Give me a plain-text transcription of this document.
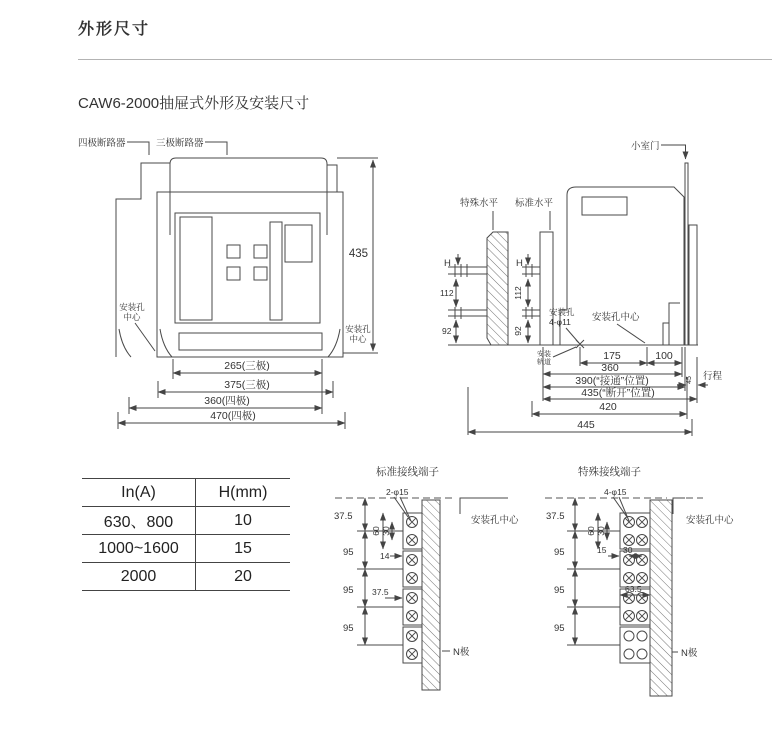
外形尺寸
CAW6-2000抽屉式外形及安装尺寸
四极断路器	三极断路器
安装孔
中心
安装孔
中心
435
265(三极)
375(三极)
360(四极)
470(四极)
小室门
特殊水平 标准水平
H
112
92
H
112
92
安装孔
4-φ11 安装孔中心
安装
轨道
175	100
360
390(“接通”位置)
435(“断开”位置)
420
445
45 行程
In(A)	H(mm)
630、800	10
1000~1600	15
2000	20
标准接线端子
37.5
95
95
95
安装孔中心
2-φ15
60 30
14
37.5
N极
特殊接线端子
37.5
95
95
95
安装孔中心
4-φ15
60 30
15 30
63.5
N极
